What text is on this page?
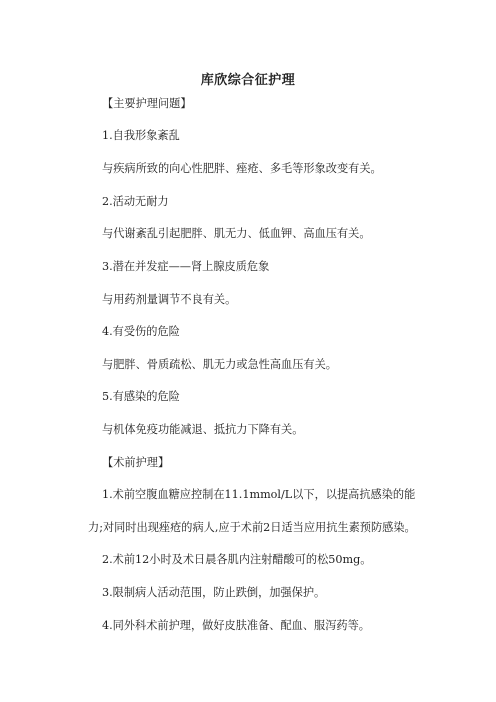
库欣综合征护理
【主要护理问题】
1.自我形象紊乱
与疾病所致的向心性肥胖、痤疮、多毛等形象改变有关。
2.活动无耐力
与代谢紊乱引起肥胖、肌无力、低血钾、高血压有关。
3.潜在并发症——肾上腺皮质危象
与用药剂量调节不良有关。
4.有受伤的危险
与肥胖、骨质疏松、肌无力或急性高血压有关。
5.有感染的危险
与机体免疫功能减退、抵抗力下降有关。
【术前护理】
1.术前空腹血糖应控制在11.1mmol/L以下，以提高抗感染的能
力;对同时出现痤疮的病人,应于术前2日适当应用抗生素预防感染。
2.术前12小时及术日晨各肌内注射醋酸可的松50mg。
3.限制病人活动范围，防止跌倒，加强保护。
4.同外科术前护理，做好皮肤准备、配血、服泻药等。
